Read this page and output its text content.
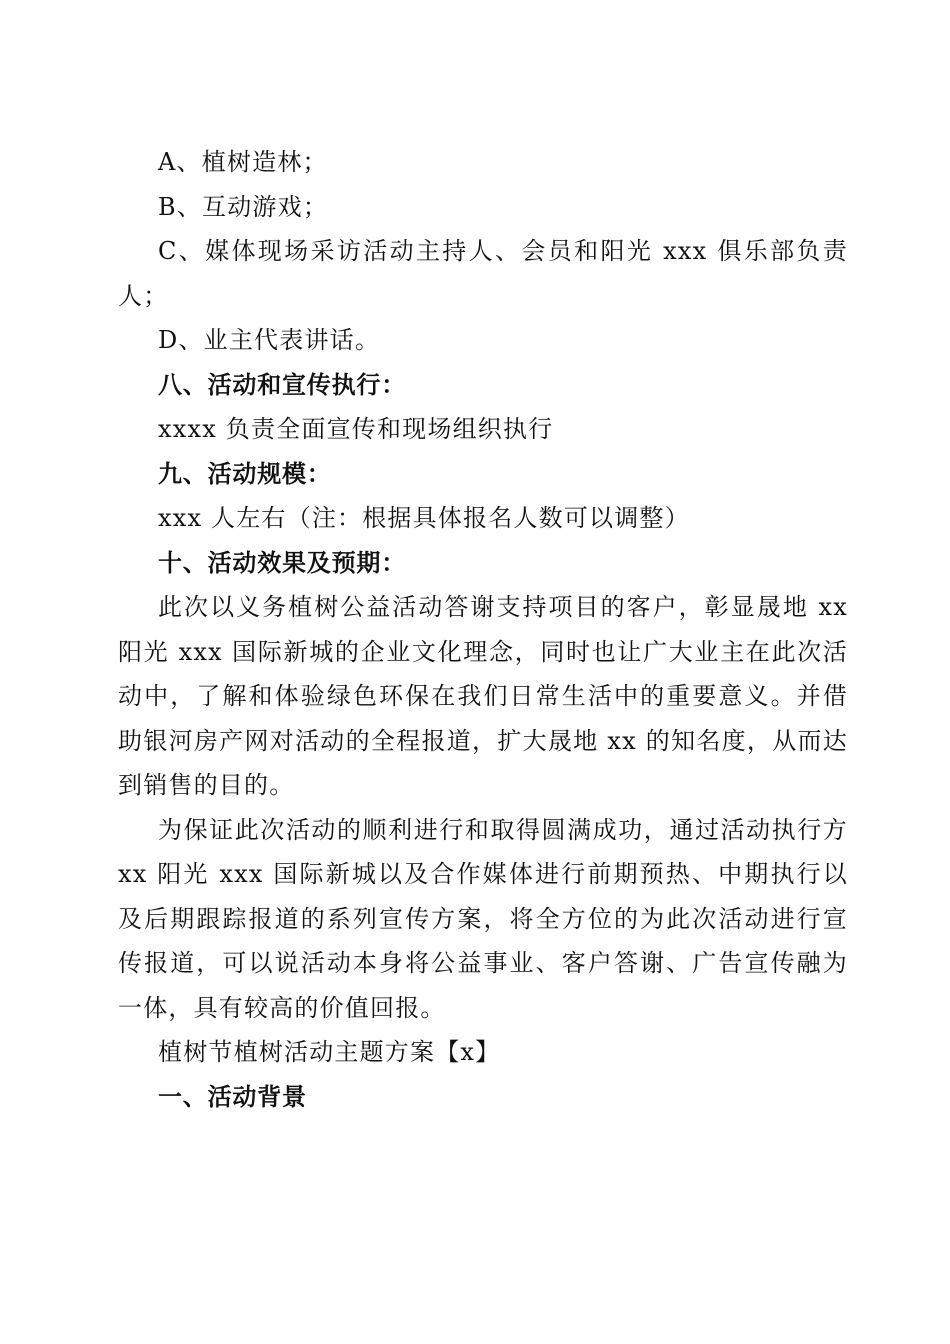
A、植树造林；

B、互动游戏；

C、媒体现场采访活动主持人、会员和阳光 xxx 俱乐部负责人；

D、业主代表讲话。

八、活动和宣传执行：

xxxx 负责全面宣传和现场组织执行

九、活动规模：

xxx 人左右（注：根据具体报名人数可以调整）

十、活动效果及预期：

此次以义务植树公益活动答谢支持项目的客户，彰显晟地 xx 阳光 xxx 国际新城的企业文化理念，同时也让广大业主在此次活动中，了解和体验绿色环保在我们日常生活中的重要意义。并借助银河房产网对活动的全程报道，扩大晟地 xx 的知名度，从而达到销售的目的。

为保证此次活动的顺利进行和取得圆满成功，通过活动执行方 xx 阳光 xxx 国际新城以及合作媒体进行前期预热、中期执行以及后期跟踪报道的系列宣传方案，将全方位的为此次活动进行宣传报道，可以说活动本身将公益事业、客户答谢、广告宣传融为一体，具有较高的价值回报。

植树节植树活动主题方案【x】

一、活动背景
